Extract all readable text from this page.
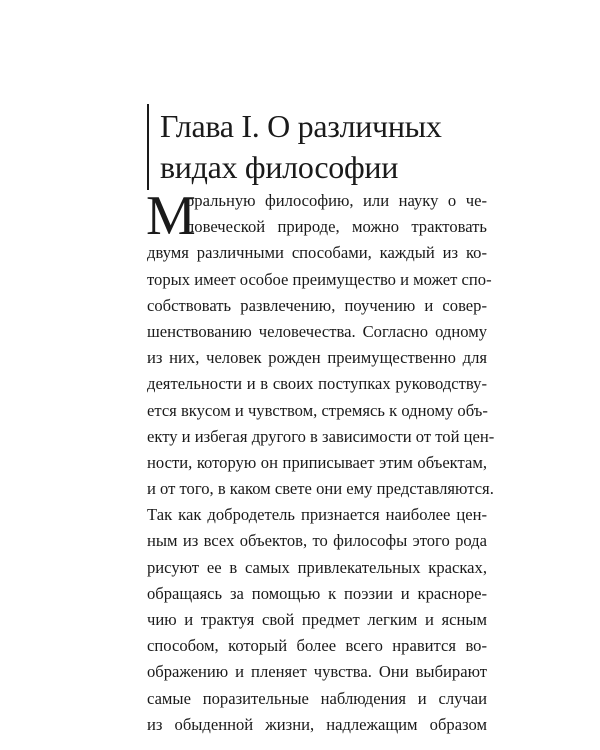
Глава I. О различных
видах философии
М
оральную философию, или науку о че-
ловеческой природе, можно трактовать
двумя различными способами, каждый из ко-
торых имеет особое преимущество и может спо-
собствовать развлечению, поучению и совер-
шенствованию человечества. Согласно одному
из них, человек рожден преимущественно для
деятельности и в своих поступках руководству-
ется вкусом и чувством, стремясь к одному объ-
екту и избегая другого в зависимости от той цен-
ности, которую он приписывает этим объектам,
и от того, в каком свете они ему представляются.
Так как добродетель признается наиболее цен-
ным из всех объектов, то философы этого рода
рисуют ее в самых привлекательных красках,
обращаясь за помощью к поэзии и красноре-
чию и трактуя свой предмет легким и ясным
способом, который более всего нравится во-
ображению и пленяет чувства. Они выбирают
самые поразительные наблюдения и случаи
из обыденной жизни, надлежащим образом
